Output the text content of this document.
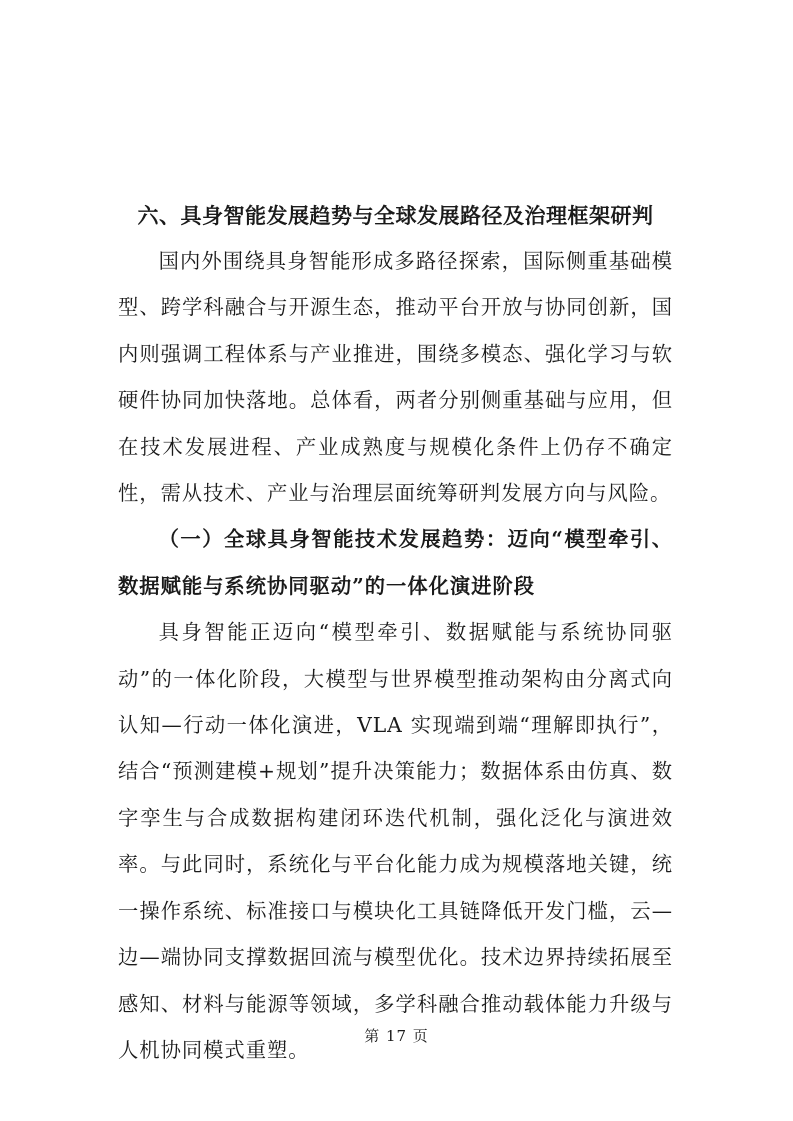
六、具身智能发展趋势与全球发展路径及治理框架研判

国内外围绕具身智能形成多路径探索，国际侧重基础模型、跨学科融合与开源生态，推动平台开放与协同创新，国内则强调工程体系与产业推进，围绕多模态、强化学习与软硬件协同加快落地。总体看，两者分别侧重基础与应用，但在技术发展进程、产业成熟度与规模化条件上仍存不确定性，需从技术、产业与治理层面统筹研判发展方向与风险。

（一）全球具身智能技术发展趋势：迈向“模型牵引、数据赋能与系统协同驱动”的一体化演进阶段

具身智能正迈向“模型牵引、数据赋能与系统协同驱动”的一体化阶段，大模型与世界模型推动架构由分离式向认知—行动一体化演进，VLA 实现端到端“理解即执行”，结合“预测建模+规划”提升决策能力；数据体系由仿真、数字孪生与合成数据构建闭环迭代机制，强化泛化与演进效率。与此同时，系统化与平台化能力成为规模落地关键，统一操作系统、标准接口与模块化工具链降低开发门槛，云—边—端协同支撑数据回流与模型优化。技术边界持续拓展至感知、材料与能源等领域，多学科融合推动载体能力升级与人机协同模式重塑。

第 17 页
